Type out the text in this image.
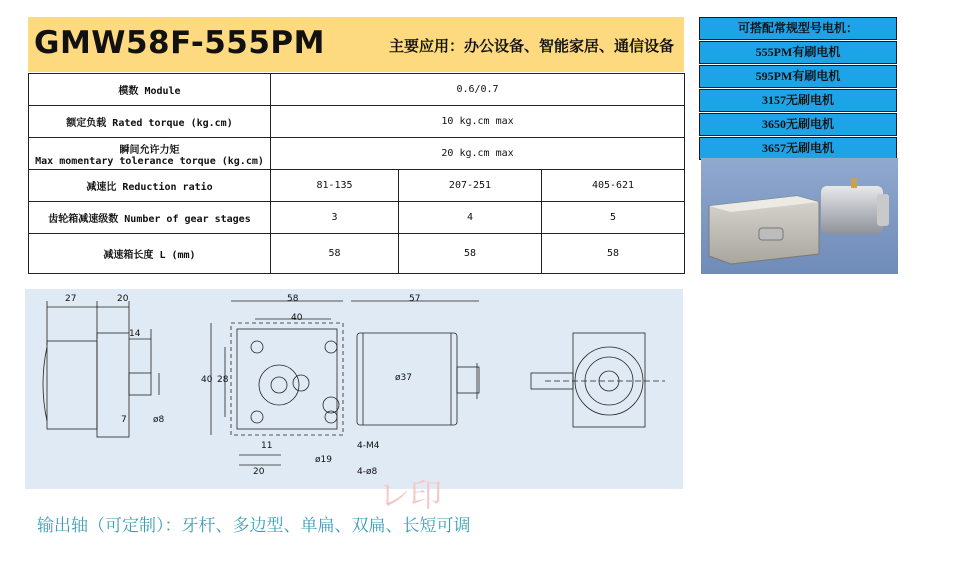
GMW58F-555PM	主要应用：办公设备、智能家居、通信设备
模数 Module	0.6/0.7		
额定负载 Rated torque (kg.cm)	10 kg.cm max		

瞬间允许力矩
Max momentary tolerance torque (kg.cm)	20 kg.cm max		
减速比 Reduction ratio	81-135	207-251	405-621
齿轮箱减速级数 Number of gear stages	3	4	5
减速箱长度 L (mm)	58	58	58
可搭配常规型号电机：
555PM有刷电机
595PM有刷电机
3157无刷电机
3650无刷电机
3657无刷电机
27	20
14
7	ø8
58
40
57
40 28	ø37
11
20
ø19
4-M4
4-ø8
レ印
输出轴（可定制）：牙杆、多边型、单扁、双扁、长短可调
